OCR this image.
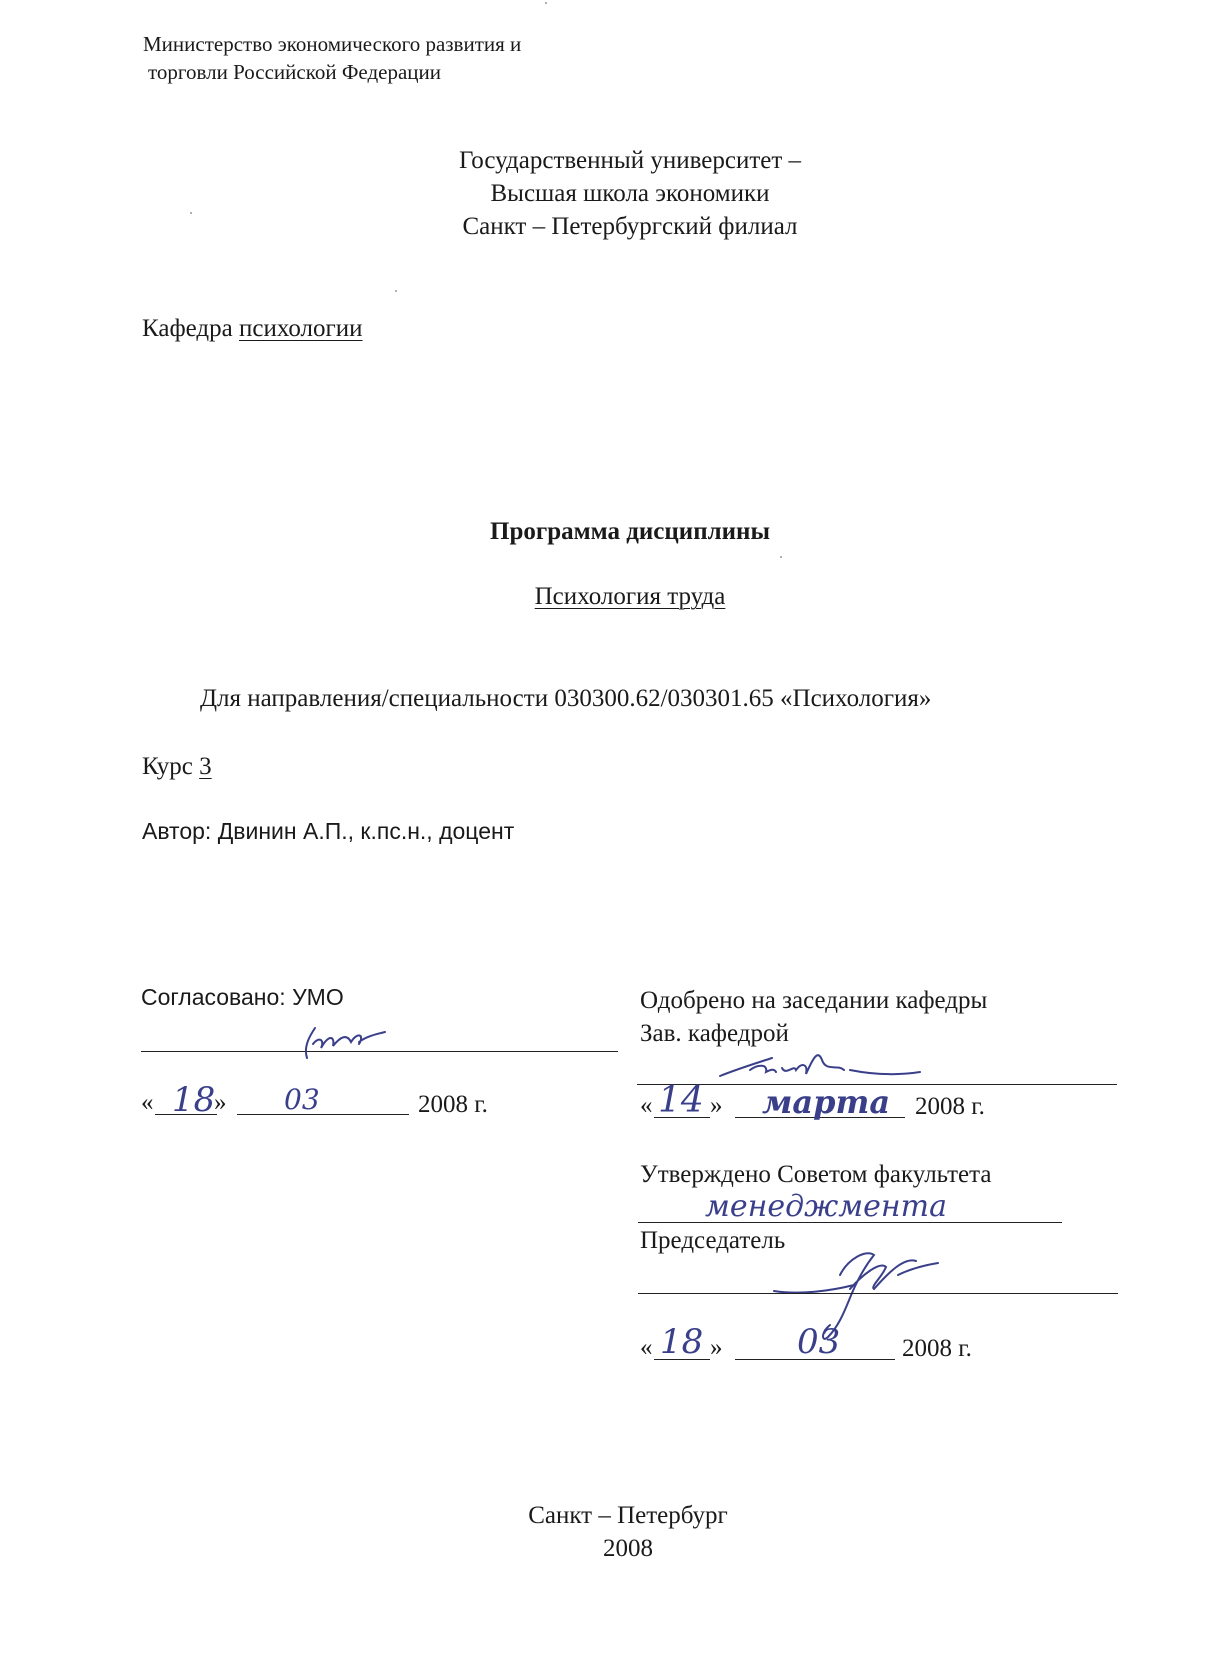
Министерство экономического развития и
торговли Российской Федерации
Государственный университет –
Высшая школа экономики
Санкт – Петербургский филиал
Кафедра психологии
Программа дисциплины
Психология труда
Для направления/специальности 030300.62/030301.65 «Психология»
Курс 3
Автор: Двинин А.П., к.пс.н., доцент
Согласовано: УМО
« 18
» 03	2008 г.
Одобрено на заседании кафедры
Зав. кафедрой
« 14 » марта 2008 г.
Утверждено Советом факультета
менеджмента
Председатель
« 18 » 03 2008 г.
Санкт – Петербург
2008
